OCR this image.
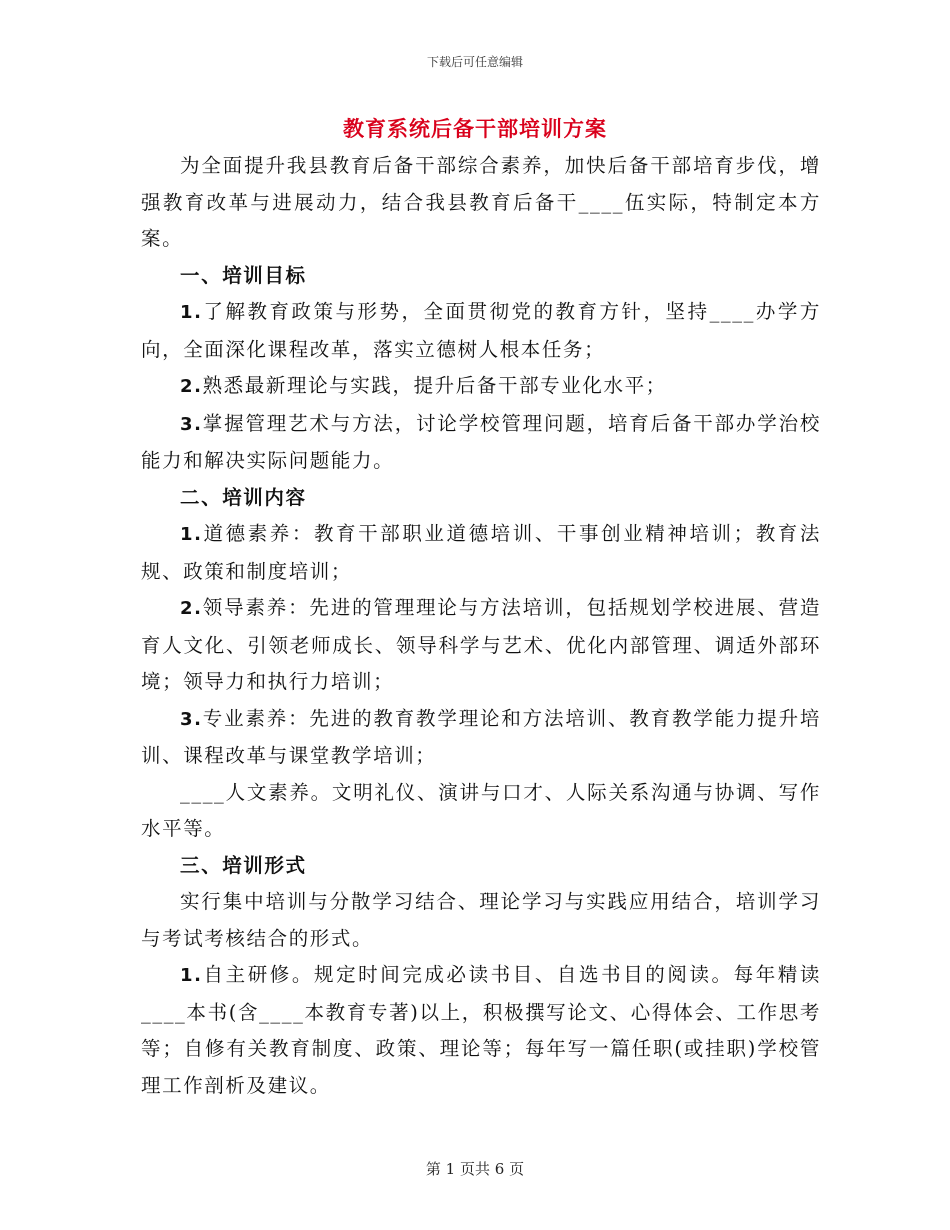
下载后可任意编辑
教育系统后备干部培训方案

为全面提升我县教育后备干部综合素养，加快后备干部培育步伐，增强教育改革与进展动力，结合我县教育后备干____伍实际，特制定本方案。

一、培训目标

1.了解教育政策与形势，全面贯彻党的教育方针，坚持____办学方向，全面深化课程改革，落实立德树人根本任务；

2.熟悉最新理论与实践，提升后备干部专业化水平；

3.掌握管理艺术与方法，讨论学校管理问题，培育后备干部办学治校能力和解决实际问题能力。

二、培训内容

1.道德素养：教育干部职业道德培训、干事创业精神培训；教育法规、政策和制度培训；

2.领导素养：先进的管理理论与方法培训，包括规划学校进展、营造育人文化、引领老师成长、领导科学与艺术、优化内部管理、调适外部环境；领导力和执行力培训；

3.专业素养：先进的教育教学理论和方法培训、教育教学能力提升培训、课程改革与课堂教学培训；

____人文素养。文明礼仪、演讲与口才、人际关系沟通与协调、写作水平等。

三、培训形式

实行集中培训与分散学习结合、理论学习与实践应用结合，培训学习与考试考核结合的形式。

1.自主研修。规定时间完成必读书目、自选书目的阅读。每年精读____本书(含____本教育专著)以上，积极撰写论文、心得体会、工作思考等；自修有关教育制度、政策、理论等；每年写一篇任职(或挂职)学校管理工作剖析及建议。

第 1 页共 6 页
